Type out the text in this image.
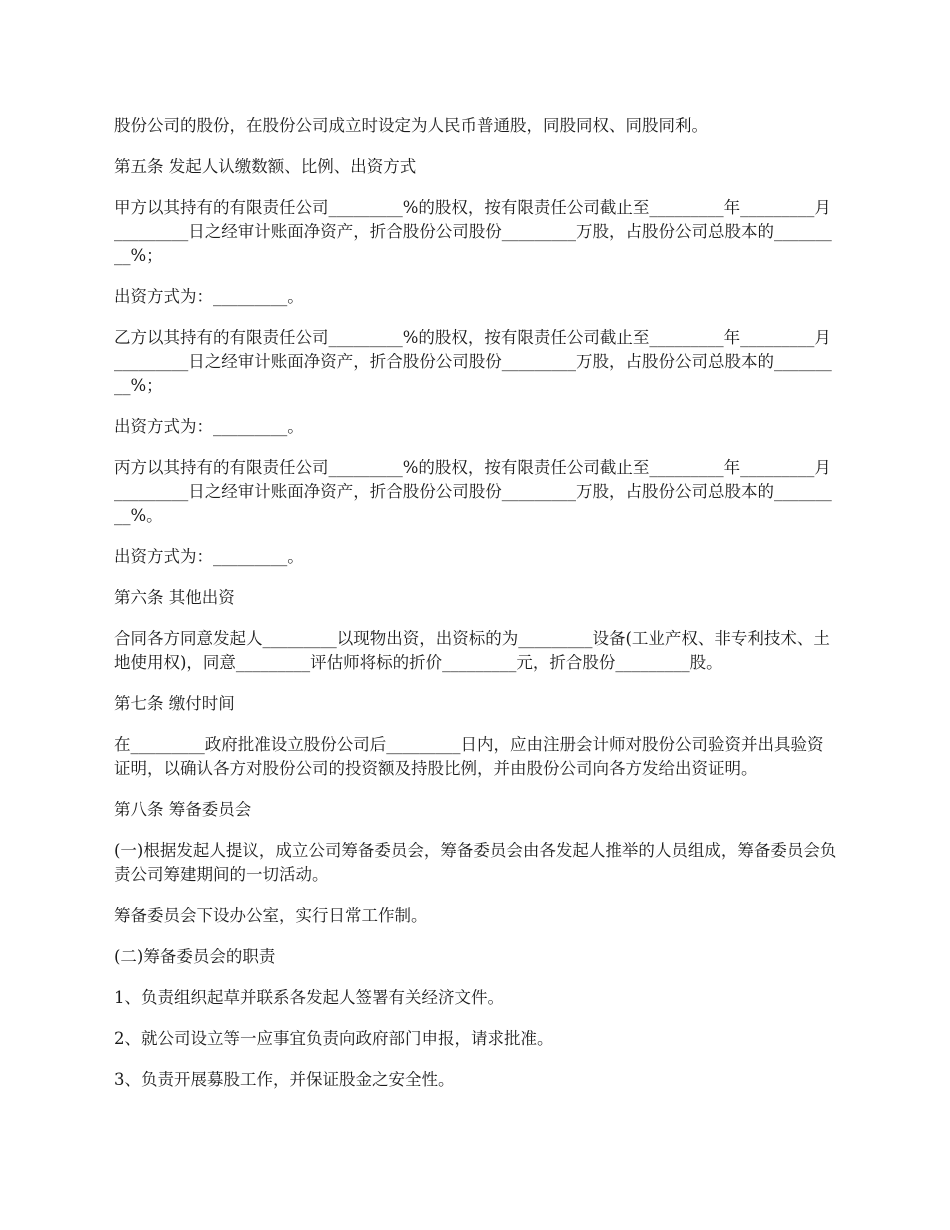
股份公司的股份，在股份公司成立时设定为人民币普通股，同股同权、同股同利。

第五条 发起人认缴数额、比例、出资方式

甲方以其持有的有限责任公司_________%的股权，按有限责任公司截止至_________年_________月_________日之经审计账面净资产，折合股份公司股份_________万股，占股份公司总股本的_________%；

出资方式为：_________。

乙方以其持有的有限责任公司_________%的股权，按有限责任公司截止至_________年_________月_________日之经审计账面净资产，折合股份公司股份_________万股，占股份公司总股本的_________%；

出资方式为：_________。

丙方以其持有的有限责任公司_________%的股权，按有限责任公司截止至_________年_________月_________日之经审计账面净资产，折合股份公司股份_________万股，占股份公司总股本的_________%。

出资方式为：_________。

第六条 其他出资

合同各方同意发起人_________以现物出资，出资标的为_________设备(工业产权、非专利技术、土地使用权)，同意_________评估师将标的折价_________元，折合股份_________股。

第七条 缴付时间

在_________政府批准设立股份公司后_________日内，应由注册会计师对股份公司验资并出具验资证明，以确认各方对股份公司的投资额及持股比例，并由股份公司向各方发给出资证明。

第八条 筹备委员会

(一)根据发起人提议，成立公司筹备委员会，筹备委员会由各发起人推举的人员组成，筹备委员会负责公司筹建期间的一切活动。

筹备委员会下设办公室，实行日常工作制。

(二)筹备委员会的职责

1、负责组织起草并联系各发起人签署有关经济文件。

2、就公司设立等一应事宜负责向政府部门申报，请求批准。

3、负责开展募股工作，并保证股金之安全性。
